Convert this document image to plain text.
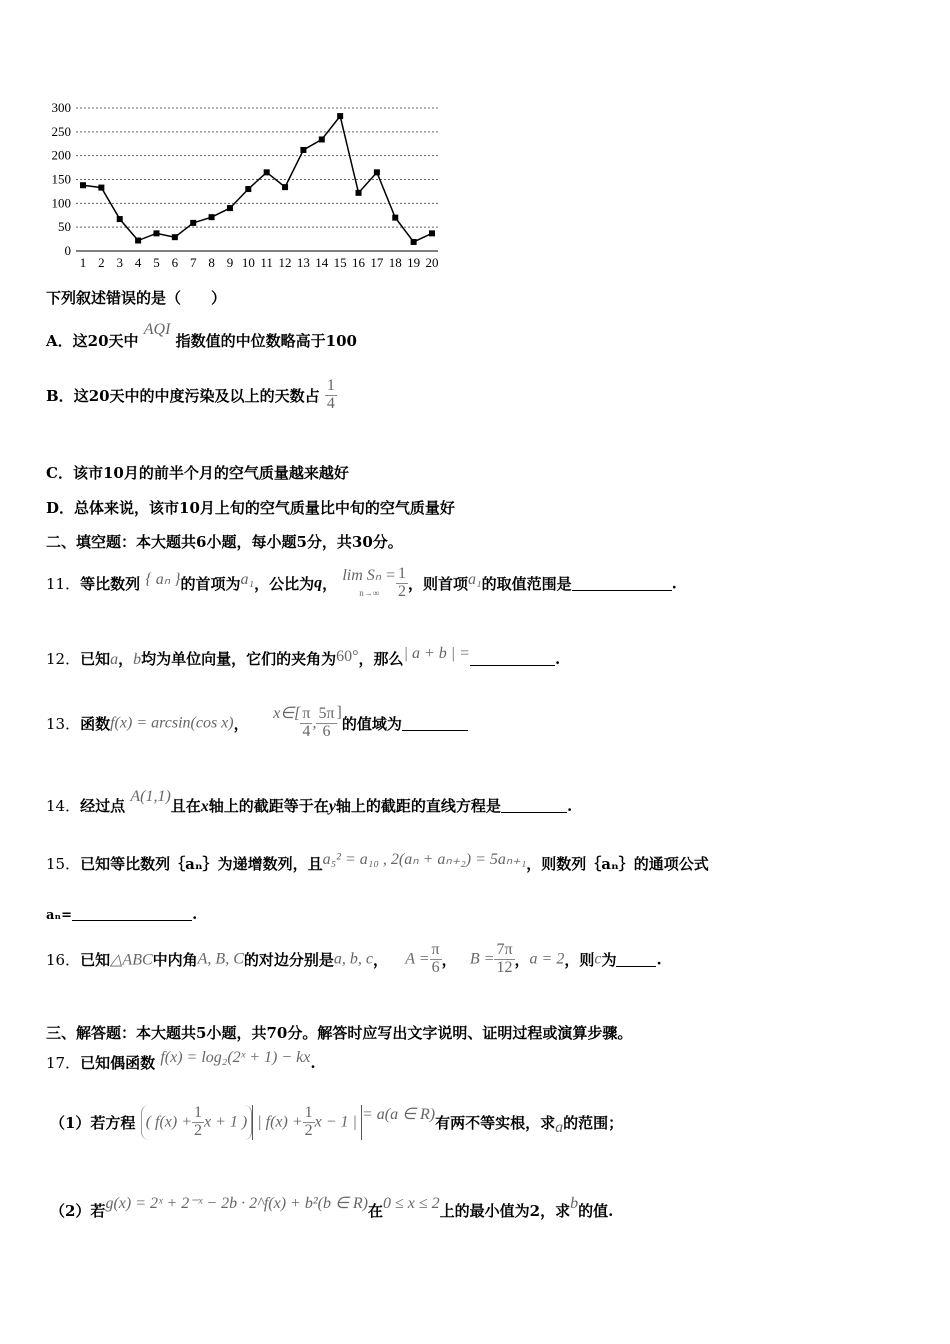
0
50
100
150
200
250
300
1 2 3 4 5 6 7 8 9 10 11 12 13 14 15 16 17 18 19 20
下列叙述错误的是（　　）
A．这20天中 AQI 指数值的中位数略高于100
B．这20天中的中度污染及以上的天数占 $\frac{1}{4}$
C．该市10月的前半个月的空气质量越来越好
D．总体来说，该市10月上旬的空气质量比中旬的空气质量好
二、填空题：本大题共6小题，每小题5分，共30分。
11．等比数列 { aₙ }的首项为a₁，公比为q， lim Sₙ =
$n\to\infty \frac{1}{2}$ ，则首项a₁的取值范围是	.
12．已知a，b均为单位向量，它们的夹角为60°，那么| a + b | =	.
13．函数f(x) = arcsin(cos x)，  x∈[ $\frac{\pi}{4}$ , $\frac{5\pi}{6}$ ]的值域为
14．经过点 A(1,1)且在x轴上的截距等于在y轴上的截距的直线方程是	.
15．已知等比数列｛aₙ｝为递增数列，且a₅² = a₁₀ , 2(aₙ + aₙ₊₂) = 5aₙ₊₁，则数列｛aₙ｝的通项公式
aₙ=	.
16．已知△ABC中内角A, B, C的对边分别是a, b, c， $A = \frac{\pi}{6}$ ， $B = \frac{7\pi}{12}$ ，a = 2，则c为	.
三、解答题：本大题共5小题，共70分。解答时应写出文字说明、证明过程或演算步骤。
17．已知偶函数 f(x) = log₂(2ˣ + 1) − kx.
（1）若方程 ( $f(x) + \frac{1}{2}$ x + 1 ) | $f(x) + \frac{1}{2}$ x − 1 | = a(a ∈ R)有两不等实根，求a的范围；
（2）若g(x) = 2ˣ + 2⁻ˣ − 2b · 2^f(x) + b²(b ∈ R)在0 ≤ x ≤ 2上的最小值为2，求b的值.
